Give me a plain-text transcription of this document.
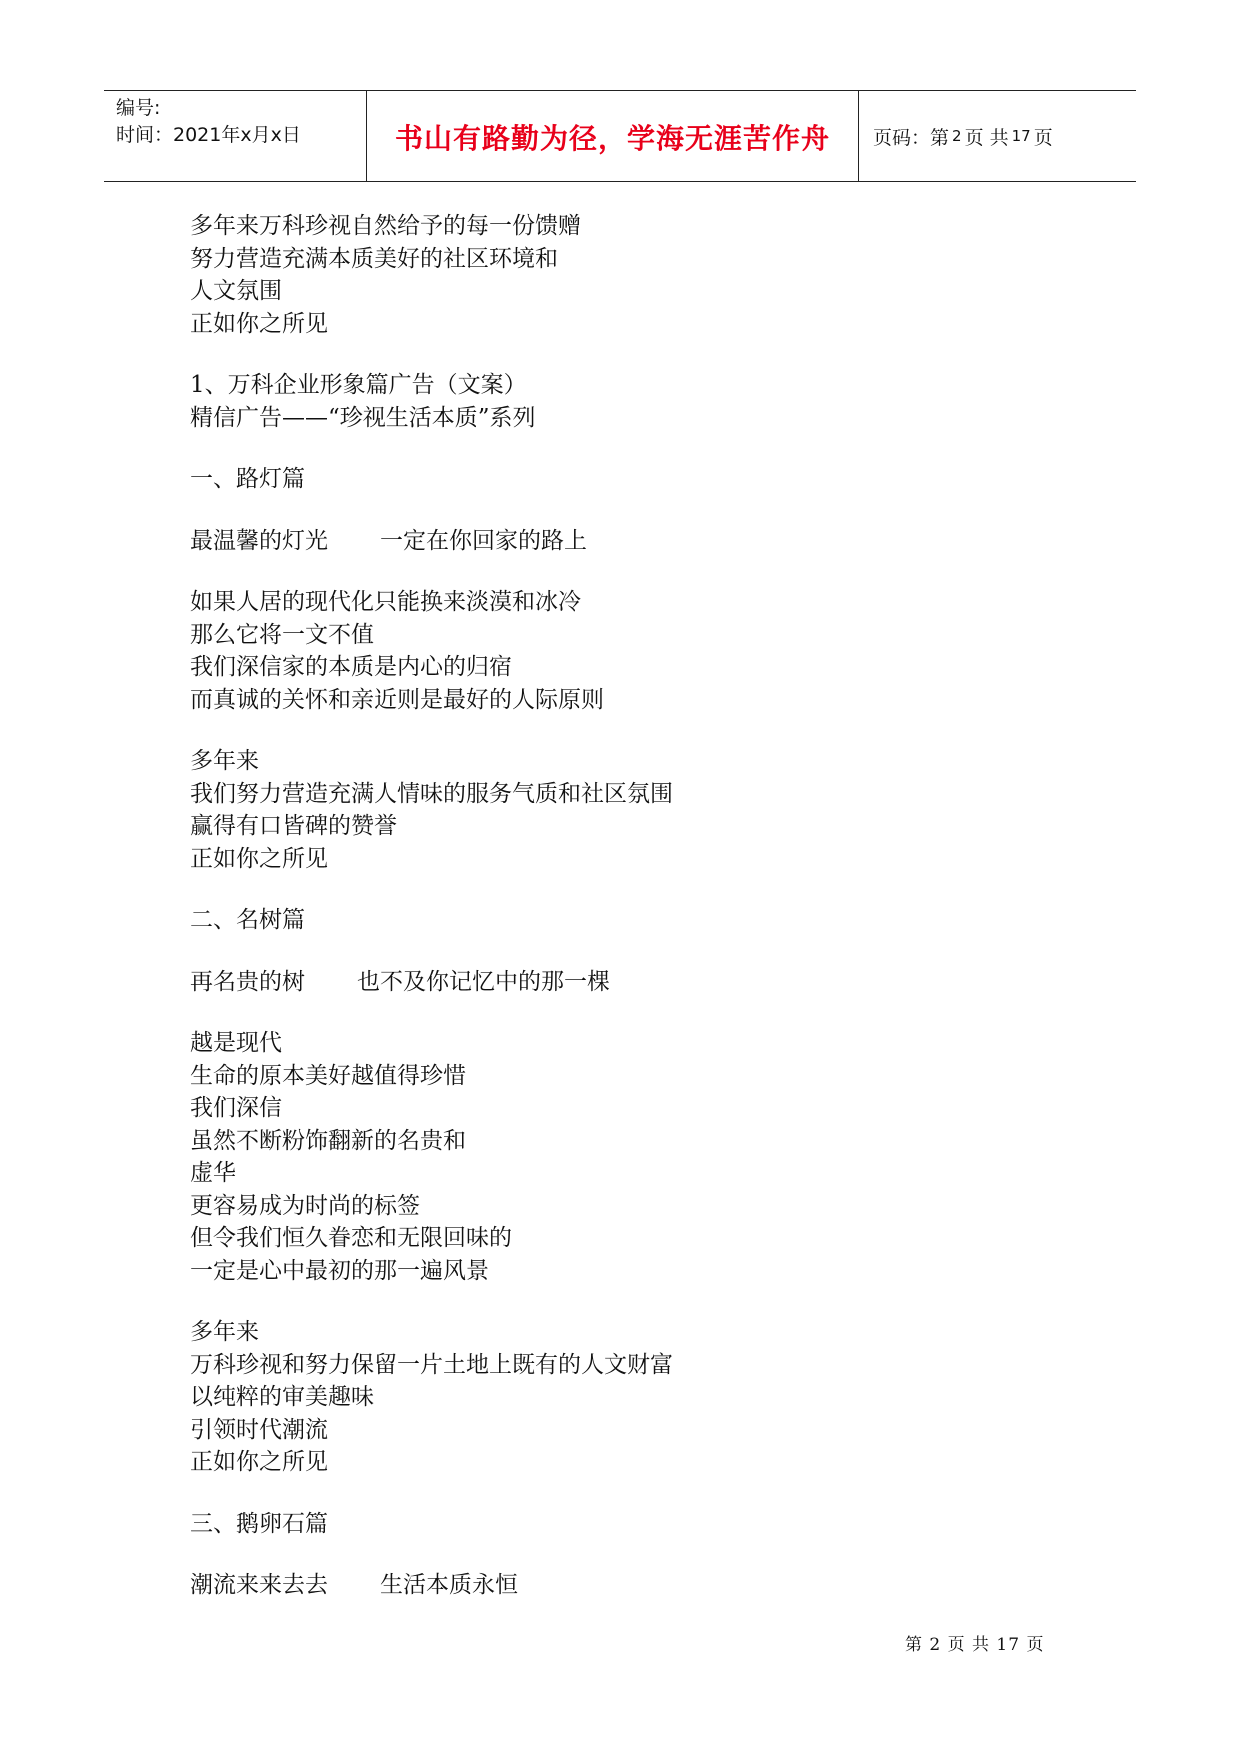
编号:
时间：2021年x月x日	书山有路勤为径，学海无涯苦作舟 页码：第 2 页 共 17 页
多年来万科珍视自然给予的每一份馈赠
努力营造充满本质美好的社区环境和
人文氛围
正如你之所见
1、万科企业形象篇广告（文案）
精信广告——“珍视生活本质”系列
一、路灯篇
最温馨的灯光 一定在你回家的路上
如果人居的现代化只能换来淡漠和冰冷
那么它将一文不值
我们深信家的本质是内心的归宿
而真诚的关怀和亲近则是最好的人际原则
多年来
我们努力营造充满人情味的服务气质和社区氛围
赢得有口皆碑的赞誉
正如你之所见
二、名树篇
再名贵的树 也不及你记忆中的那一棵
越是现代
生命的原本美好越值得珍惜
我们深信
虽然不断粉饰翻新的名贵和
虚华
更容易成为时尚的标签
但令我们恒久眷恋和无限回味的
一定是心中最初的那一遍风景
多年来
万科珍视和努力保留一片土地上既有的人文财富
以纯粹的审美趣味
引领时代潮流
正如你之所见
三、鹅卵石篇
潮流来来去去 生活本质永恒
第 2 页 共 17 页
